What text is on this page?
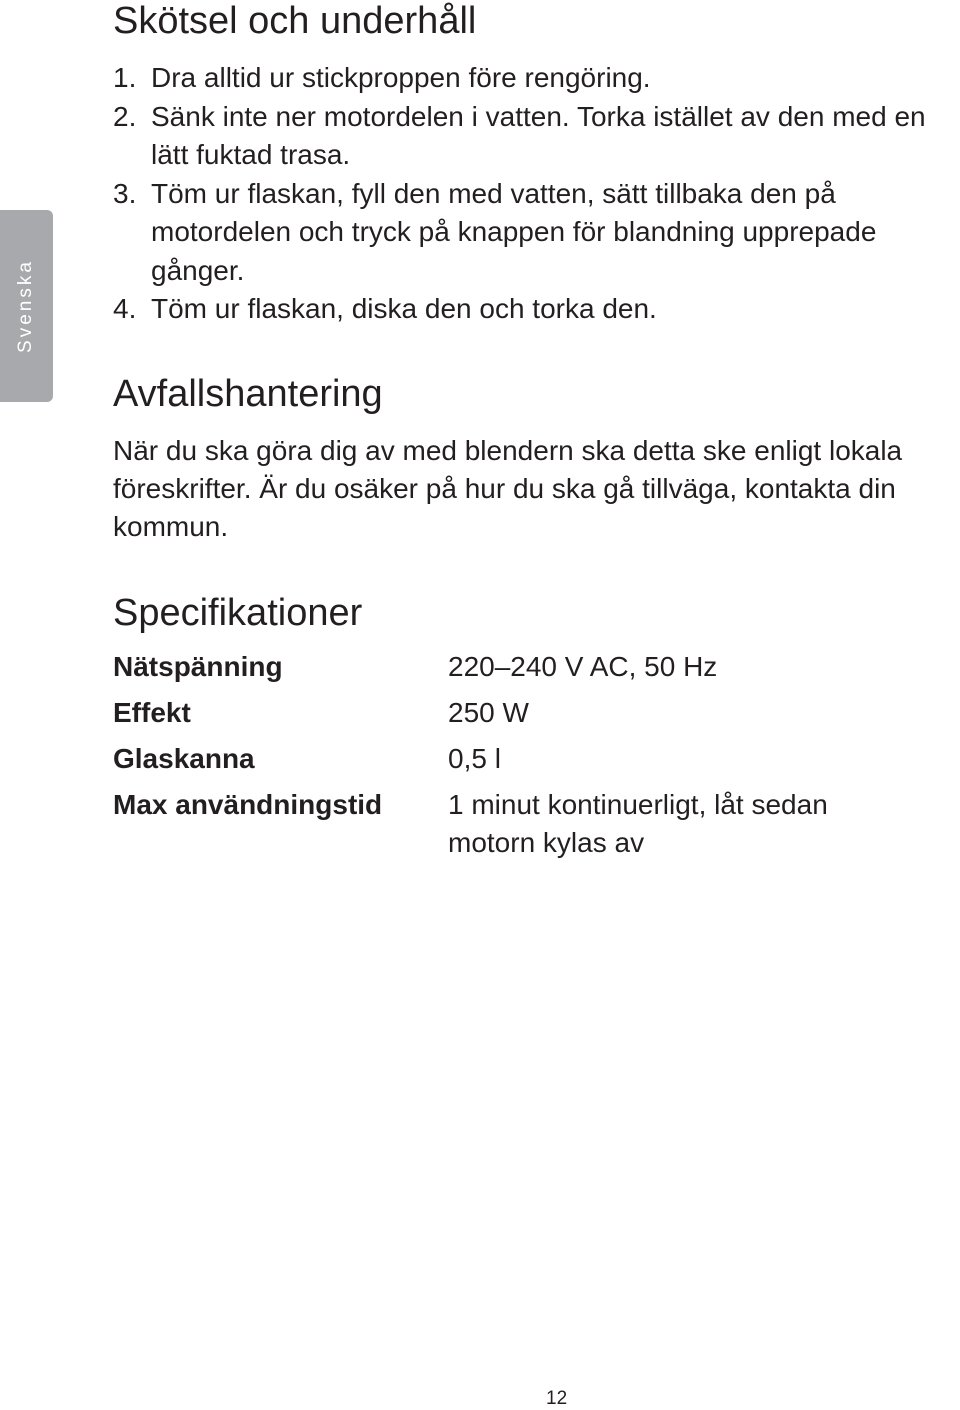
Svenska
Skötsel och underhåll
1. Dra alltid ur stickproppen före rengöring.
2. Sänk inte ner motordelen i vatten. Torka istället av den med en lätt fuktad trasa.
3. Töm ur flaskan, fyll den med vatten, sätt tillbaka den på motordelen och tryck på knappen för blandning upprepade gånger.
4. Töm ur flaskan, diska den och torka den.
Avfallshantering

När du ska göra dig av med blendern ska detta ske enligt lokala föreskrifter. Är du osäker på hur du ska gå tillväga, kontakta din kommun.

Specifikationer
Nätspänning	220–240 V AC, 50 Hz
Effekt	250 W
Glaskanna	0,5 l
Max användningstid	1 minut kontinuerligt, låt sedan motorn kylas av
12
